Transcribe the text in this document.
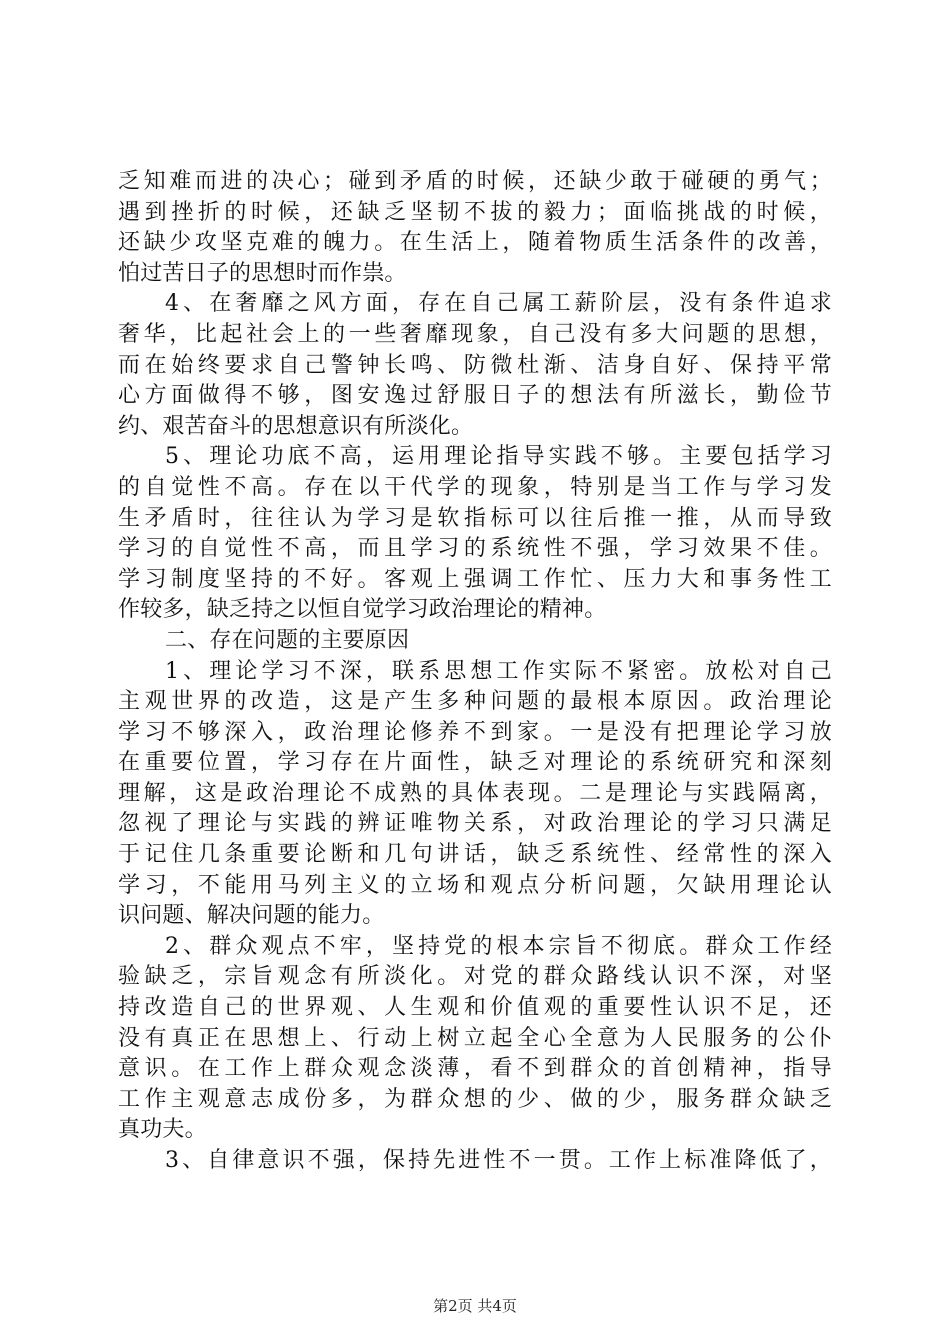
乏知难而进的决心；碰到矛盾的时候，还缺少敢于碰硬的勇气；
遇到挫折的时候，还缺乏坚韧不拔的毅力；面临挑战的时候，
还缺少攻坚克难的魄力。在生活上，随着物质生活条件的改善，
怕过苦日子的思想时而作祟。
4、在奢靡之风方面，存在自己属工薪阶层，没有条件追求
奢华，比起社会上的一些奢靡现象，自己没有多大问题的思想，
而在始终要求自己警钟长鸣、防微杜渐、洁身自好、保持平常
心方面做得不够，图安逸过舒服日子的想法有所滋长，勤俭节
约、艰苦奋斗的思想意识有所淡化。
5、理论功底不高，运用理论指导实践不够。主要包括学习
的自觉性不高。存在以干代学的现象，特别是当工作与学习发
生矛盾时，往往认为学习是软指标可以往后推一推，从而导致
学习的自觉性不高，而且学习的系统性不强，学习效果不佳。
学习制度坚持的不好。客观上强调工作忙、压力大和事务性工
作较多，缺乏持之以恒自觉学习政治理论的精神。
二、存在问题的主要原因
1、理论学习不深，联系思想工作实际不紧密。放松对自己
主观世界的改造，这是产生多种问题的最根本原因。政治理论
学习不够深入，政治理论修养不到家。一是没有把理论学习放
在重要位置，学习存在片面性，缺乏对理论的系统研究和深刻
理解，这是政治理论不成熟的具体表现。二是理论与实践隔离，
忽视了理论与实践的辨证唯物关系，对政治理论的学习只满足
于记住几条重要论断和几句讲话，缺乏系统性、经常性的深入
学习，不能用马列主义的立场和观点分析问题，欠缺用理论认
识问题、解决问题的能力。
2、群众观点不牢，坚持党的根本宗旨不彻底。群众工作经
验缺乏，宗旨观念有所淡化。对党的群众路线认识不深，对坚
持改造自己的世界观、人生观和价值观的重要性认识不足，还
没有真正在思想上、行动上树立起全心全意为人民服务的公仆
意识。在工作上群众观念淡薄，看不到群众的首创精神，指导
工作主观意志成份多，为群众想的少、做的少，服务群众缺乏
真功夫。
3、自律意识不强，保持先进性不一贯。工作上标准降低了，
第2页 共4页
